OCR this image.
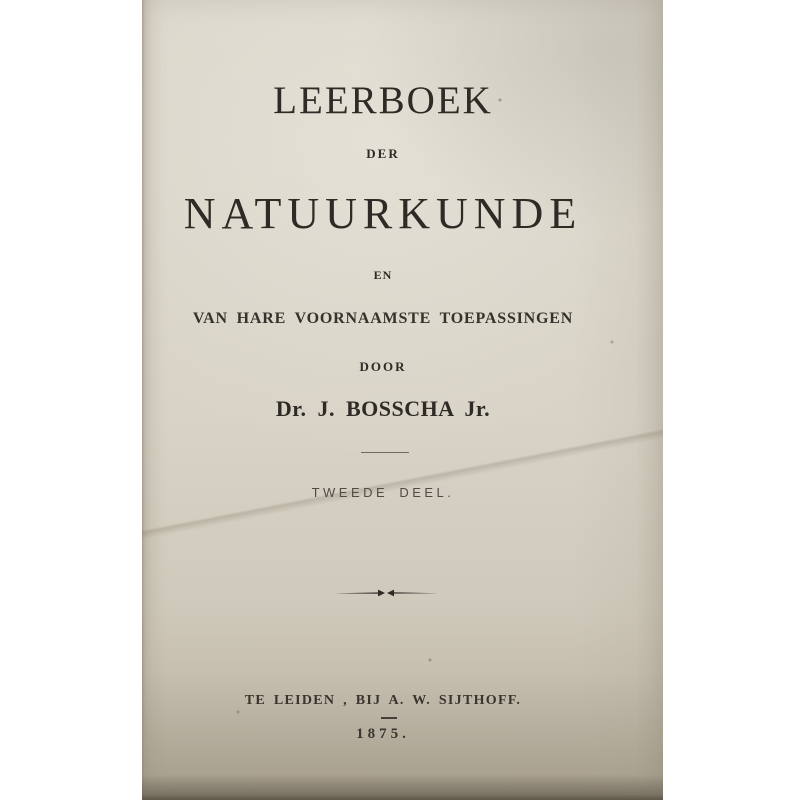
LEERBOEK
DER
NATUURKUNDE
EN
VAN HARE VOORNAAMSTE TOEPASSINGEN
DOOR
Dr. J. BOSSCHA Jr.
TWEEDE DEEL.
TE LEIDEN , BIJ A. W. SIJTHOFF.
1875.
